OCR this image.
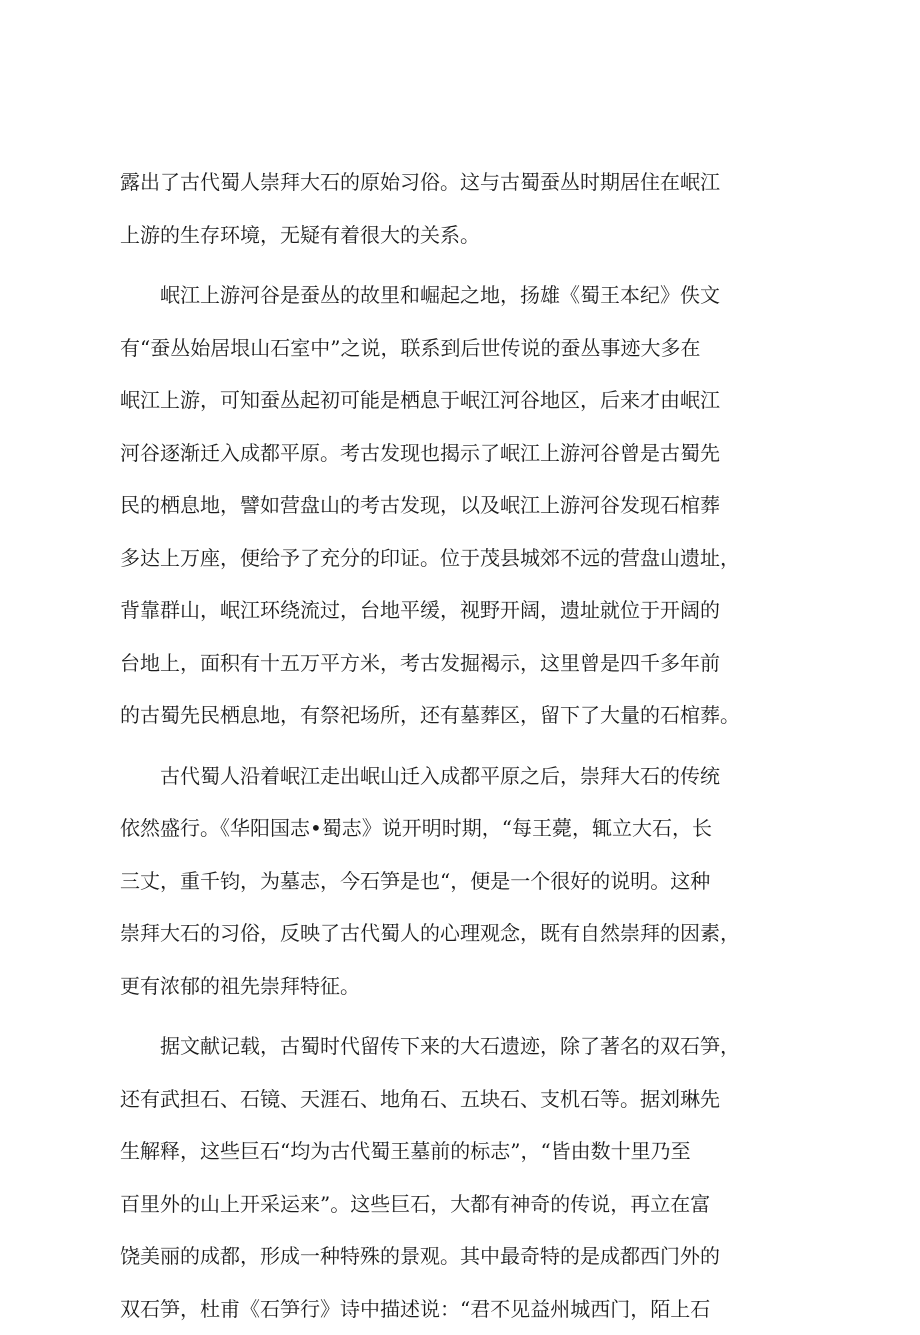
露出了古代蜀人崇拜大石的原始习俗。这与古蜀蚕丛时期居住在岷江
上游的生存环境，无疑有着很大的关系。
　　岷江上游河谷是蚕丛的故里和崛起之地，扬雄《蜀王本纪》佚文
有“蚕丛始居垠山石室中”之说，联系到后世传说的蚕丛事迹大多在
岷江上游，可知蚕丛起初可能是栖息于岷江河谷地区，后来才由岷江
河谷逐渐迁入成都平原。考古发现也揭示了岷江上游河谷曾是古蜀先
民的栖息地，譬如营盘山的考古发现，以及岷江上游河谷发现石棺葬
多达上万座，便给予了充分的印证。位于茂县城郊不远的营盘山遗址，
背靠群山，岷江环绕流过，台地平缓，视野开阔，遗址就位于开阔的
台地上，面积有十五万平方米，考古发掘褐示，这里曾是四千多年前
的古蜀先民栖息地，有祭祀场所，还有墓葬区，留下了大量的石棺葬。
　　古代蜀人沿着岷江走出岷山迁入成都平原之后，崇拜大石的传统
依然盛行。《华阳国志•蜀志》说开明时期，“每王薨，辄立大石，长
三丈，重千钧，为墓志，今石笋是也“，便是一个很好的说明。这种
崇拜大石的习俗，反映了古代蜀人的心理观念，既有自然崇拜的因素，
更有浓郁的祖先崇拜特征。
　　据文献记载，古蜀时代留传下来的大石遗迹，除了著名的双石笋，
还有武担石、石镜、天涯石、地角石、五块石、支机石等。据刘琳先
生解释，这些巨石“均为古代蜀王墓前的标志”，“皆由数十里乃至
百里外的山上开采运来”。这些巨石，大都有神奇的传说，再立在富
饶美丽的成都，形成一种特殊的景观。其中最奇特的是成都西门外的
双石笋，杜甫《石笋行》诗中描述说：“君不见益州城西门，陌上石
